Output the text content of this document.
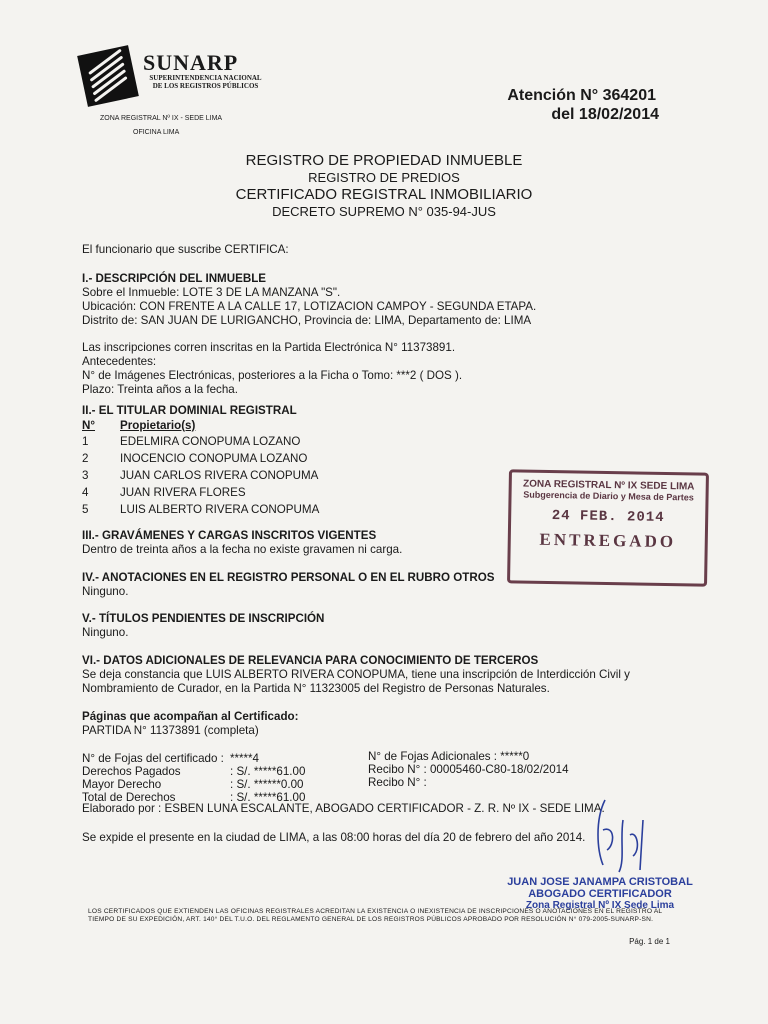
SUNARP
SUPERINTENDENCIA NACIONAL
DE LOS REGISTROS PÚBLICOS
ZONA REGISTRAL Nº IX - SEDE LIMA
OFICINA LIMA
Atención N° 364201
del 18/02/2014
REGISTRO DE PROPIEDAD INMUEBLE
REGISTRO DE PREDIOS
CERTIFICADO REGISTRAL INMOBILIARIO
DECRETO SUPREMO N° 035-94-JUS
El funcionario que suscribe CERTIFICA:
I.- DESCRIPCIÓN DEL INMUEBLE
Sobre el Inmueble: LOTE 3 DE LA MANZANA "S".
Ubicación: CON FRENTE A LA CALLE 17, LOTIZACION CAMPOY - SEGUNDA ETAPA.
Distrito de: SAN JUAN DE LURIGANCHO, Provincia de: LIMA, Departamento de: LIMA
Las inscripciones corren inscritas en la Partida Electrónica N° 11373891.
Antecedentes:
N° de Imágenes Electrónicas, posteriores a la Ficha o Tomo: ***2 ( DOS ).
Plazo: Treinta años a la fecha.
II.- EL TITULAR DOMINIAL REGISTRAL
N°	Propietario(s)
1	EDELMIRA CONOPUMA LOZANO
2	INOCENCIO CONOPUMA LOZANO
3	JUAN CARLOS RIVERA CONOPUMA
4	JUAN RIVERA FLORES
5	LUIS ALBERTO RIVERA CONOPUMA
III.- GRAVÁMENES Y CARGAS INSCRITOS VIGENTES
Dentro de treinta años a la fecha no existe gravamen ni carga.
IV.- ANOTACIONES EN EL REGISTRO PERSONAL O EN EL RUBRO OTROS
Ninguno.
V.- TÍTULOS PENDIENTES DE INSCRIPCIÓN
Ninguno.
VI.- DATOS ADICIONALES DE RELEVANCIA PARA CONOCIMIENTO DE TERCEROS
Se deja constancia que LUIS ALBERTO RIVERA CONOPUMA, tiene una inscripción de Interdicción Civil y
Nombramiento de Curador, en la Partida N° 11323005 del Registro de Personas Naturales.
Páginas que acompañan al Certificado:
PARTIDA N° 11373891 (completa)
N° de Fojas del certificado : *****4
Derechos Pagados	: S/. *****61.00
Mayor Derecho	: S/. ******0.00
Total de Derechos	: S/. *****61.00
N° de Fojas Adicionales : *****0
Recibo N° : 00005460-C80-18/02/2014
Recibo N° :
Elaborado por : ESBEN LUNA ESCALANTE, ABOGADO CERTIFICADOR - Z. R. Nº IX - SEDE LIMA.
Se expide el presente en la ciudad de LIMA, a las 08:00 horas del día 20 de febrero del año 2014.
ZONA REGISTRAL Nº IX SEDE LIMA
Subgerencia de Diario y Mesa de Partes
24 FEB. 2014
ENTREGADO
JUAN JOSE JANAMPA CRISTOBAL
ABOGADO CERTIFICADOR
Zona Registral Nº IX Sede Lima
LOS CERTIFICADOS QUE EXTIENDEN LAS OFICINAS REGISTRALES ACREDITAN LA EXISTENCIA O INEXISTENCIA DE INSCRIPCIONES O ANOTACIONES EN EL REGISTRO AL TIEMPO DE SU EXPEDICIÓN, ART. 140° DEL T.U.O. DEL REGLAMENTO GENERAL DE LOS REGISTROS PÚBLICOS APROBADO POR RESOLUCIÓN N° 079-2005-SUNARP-SN.
Pág. 1 de 1
